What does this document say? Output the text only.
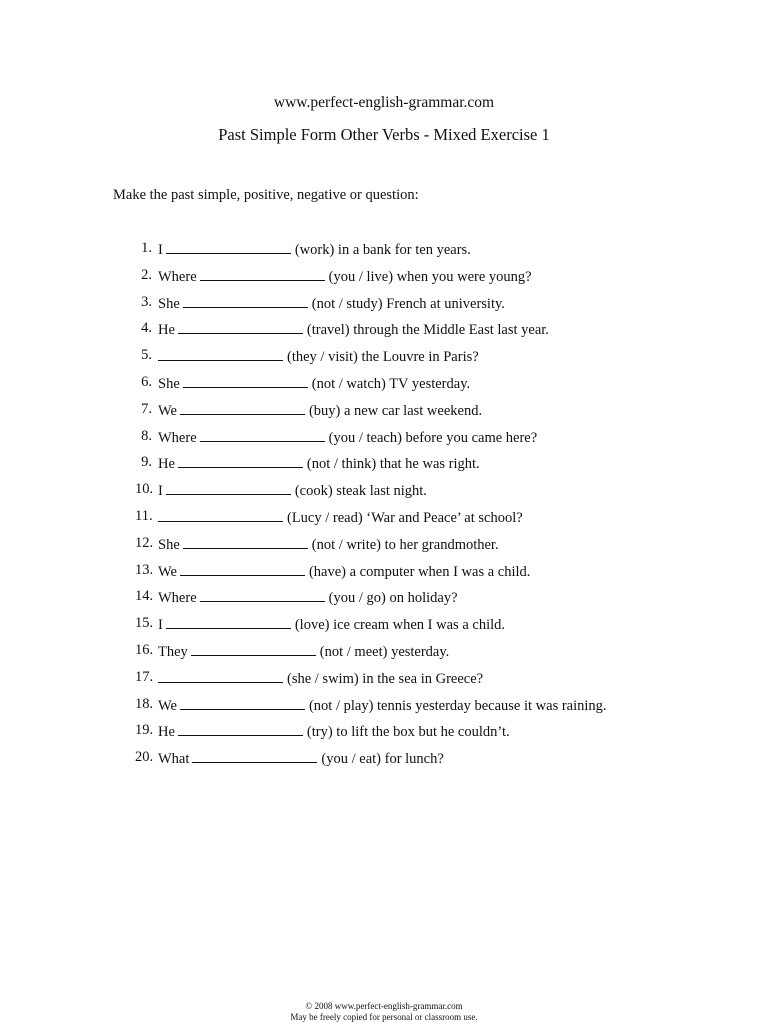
www.perfect-english-grammar.com
Past Simple Form Other Verbs - Mixed Exercise 1
Make the past simple, positive, negative or question:
1. I	(work) in a bank for ten years.
2. Where	(you / live) when you were young?
3. She	(not / study) French at university.
4. He	(travel) through the Middle East last year.
5.	(they / visit) the Louvre in Paris?
6. She	(not / watch) TV yesterday.
7. We	(buy) a new car last weekend.
8. Where	(you / teach) before you came here?
9. He	(not / think) that he was right.
10. I	(cook) steak last night.
11.	(Lucy / read) ‘War and Peace’ at school?
12. She	(not / write) to her grandmother.
13. We	(have) a computer when I was a child.
14. Where	(you / go) on holiday?
15. I	(love) ice cream when I was a child.
16. They	(not / meet) yesterday.
17.	(she / swim) in the sea in Greece?
18. We	(not / play) tennis yesterday because it was raining.
19. He	(try) to lift the box but he couldn’t.
20. What	(you / eat) for lunch?
© 2008 www.perfect-english-grammar.com
May be freely copied for personal or classroom use.
